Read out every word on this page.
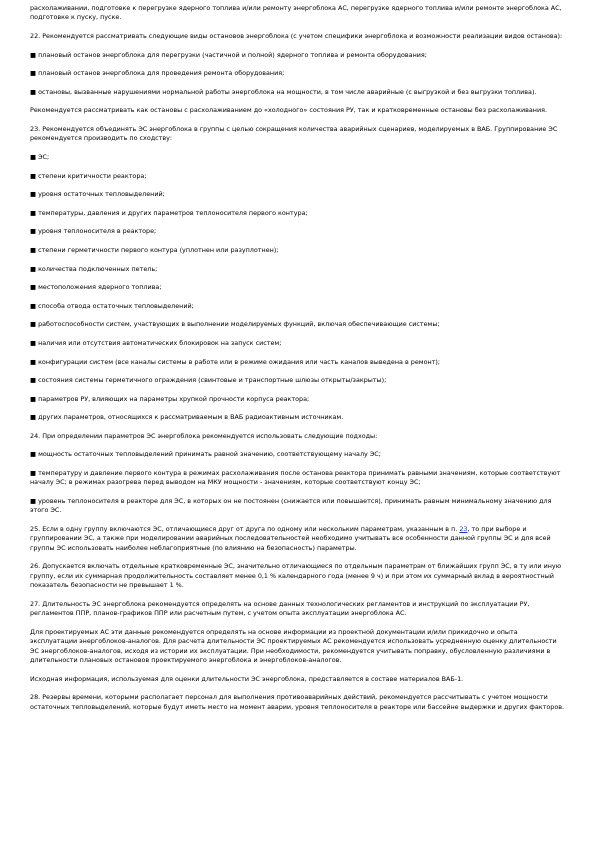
расхолаживании, подготовке к перегрузке ядерного топлива и/или ремонту энергоблока АС, перегрузке ядерного топлива и/или ремонте энергоблока АС, подготовке к пуску, пуске.

22. Рекомендуется рассматривать следующие виды остановов энергоблока (с учетом специфики энергоблока и возможности реализации видов останова):

■ плановый останов энергоблока для перегрузки (частичной и полной) ядерного топлива и ремонта оборудования;

■ плановый останов энергоблока для проведения ремонта оборудования;

■ остановы, вызванные нарушениями нормальной работы энергоблока на мощности, в том числе аварийные (с выгрузкой и без выгрузки топлива).

Рекомендуется рассматривать как остановы с расхолаживанием до «холодного» состояния РУ, так и кратковременные остановы без расхолаживания.

23. Рекомендуется объединять ЭС энергоблока в группы с целью сокращения количества аварийных сценариев, моделируемых в ВАБ. Группирование ЭС рекомендуется производить по сходству:

■ ЭС;

■ степени критичности реактора;

■ уровня остаточных тепловыделений;

■ температуры, давления и других параметров теплоносителя первого контура;

■ уровня теплоносителя в реакторе;

■ степени герметичности первого контура (уплотнен или разуплотнен);

■ количества подключенных петель;

■ местоположения ядерного топлива;

■ способа отвода остаточных тепловыделений;

■ работоспособности систем, участвующих в выполнении моделируемых функций, включая обеспечивающие системы;

■ наличия или отсутствия автоматических блокировок на запуск систем;

■ конфигурации систем (все каналы системы в работе или в режиме ожидания или часть каналов выведена в ремонт);

■ состояния системы герметичного ограждения (свинтовые и транспортные шлюзы открыты/закрыты);

■ параметров РУ, влияющих на параметры хрупкой прочности корпуса реактора;

■ других параметров, относящихся к рассматриваемым в ВАБ радиоактивным источникам.

24. При определении параметров ЭС энергоблока рекомендуется использовать следующие подходы:

■ мощность остаточных тепловыделений принимать равной значению, соответствующему началу ЭС;

■ температуру и давление первого контура в режимах расхолаживания после останова реактора принимать равными значениям, которые соответствуют началу ЭС; в режимах разогрева перед выводом на МКУ мощности - значениям, которые соответствуют концу ЭС;

■ уровень теплоносителя в реакторе для ЭС, в которых он не постоянен (снижается или повышается), принимать равным минимальному значению для этого ЭС.

25. Если в одну группу включаются ЭС, отличающиеся друг от друга по одному или нескольким параметрам, указанным в п. 23, то при выборе и группировании ЭС, а также при моделировании аварийных последовательностей необходимо учитывать все особенности данной группы ЭС и для всей группы ЭС использовать наиболее неблагоприятные (по влиянию на безопасность) параметры.

26. Допускается включать отдельные кратковременные ЭС, значительно отличающиеся по отдельным параметрам от ближайших групп ЭС, в ту или иную группу, если их суммарная продолжительность составляет менее 0,1 % календарного года (менее 9 ч) и при этом их суммарный вклад в вероятностный показатель безопасности не превышает 1 %.

27. Длительность ЭС энергоблока рекомендуется определять на основе данных технологических регламентов и инструкций по эксплуатации РУ, регламентов ППР, планов-графиков ППР или расчетным путем, с учетом опыта эксплуатации энергоблока АС.

Для проектируемых АС эти данные рекомендуется определять на основе информации из проектной документации и/или прикидочно и опыта эксплуатации энергоблоков-аналогов. Для расчета длительности ЭС проектируемых АС рекомендуется использовать усредненную оценку длительности ЭС энергоблоков-аналогов, исходя из истории их эксплуатации. При необходимости, рекомендуется учитывать поправку, обусловленную различиями в длительности плановых остановов проектируемого энергоблока и энергоблоков-аналогов.

Исходная информация, используемая для оценки длительности ЭС энергоблока, представляется в составе материалов ВАБ-1.

28. Резервы времени, которыми располагает персонал для выполнения противоаварийных действий, рекомендуется рассчитывать с учетом мощности остаточных тепловыделений, которые будут иметь место на момент аварии, уровня теплоносителя в реакторе или бассейне выдержки и других факторов.
